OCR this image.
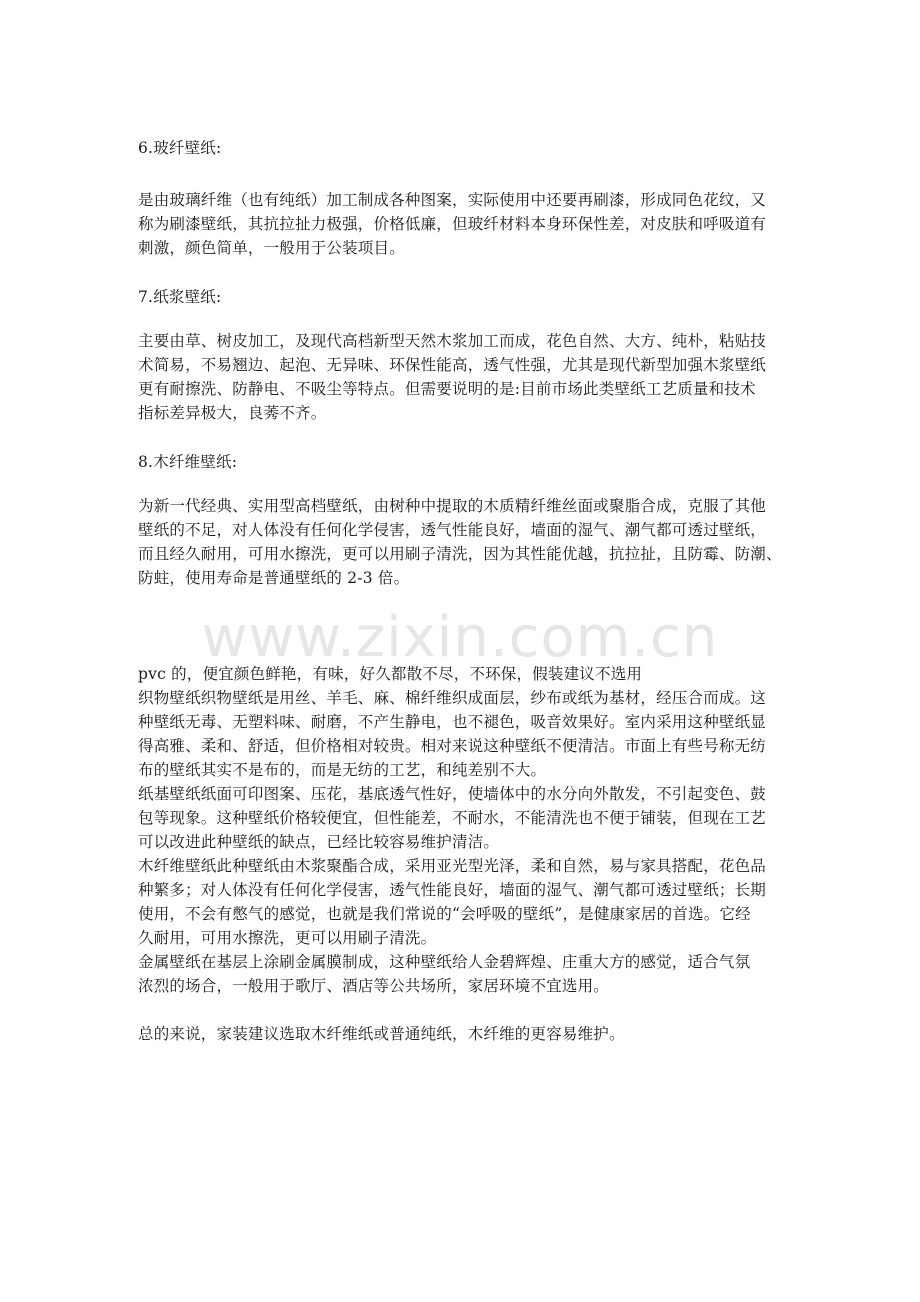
www.zixin.com.cn
6.玻纤壁纸:
是由玻璃纤维（也有纯纸）加工制成各种图案，实际使用中还要再刷漆，形成同色花纹，又
称为刷漆壁纸，其抗拉扯力极强，价格低廉，但玻纤材料本身环保性差，对皮肤和呼吸道有
刺激，颜色简单，一般用于公装项目。
7.纸浆壁纸:
主要由草、树皮加工，及现代高档新型天然木浆加工而成，花色自然、大方、纯朴，粘贴技
术简易，不易翘边、起泡、无异味、环保性能高，透气性强，尤其是现代新型加强木浆壁纸
更有耐擦洗、防静电、不吸尘等特点。但需要说明的是:目前市场此类壁纸工艺质量和技术
指标差异极大，良莠不齐。
8.木纤维壁纸:
为新一代经典、实用型高档壁纸，由树种中提取的木质精纤维丝面或聚脂合成，克服了其他
壁纸的不足，对人体没有任何化学侵害，透气性能良好，墙面的湿气、潮气都可透过壁纸，
而且经久耐用，可用水擦洗，更可以用刷子清洗，因为其性能优越，抗拉扯，且防霉、防潮、
防蛀，使用寿命是普通壁纸的 2-3 倍。
pvc 的，便宜颜色鲜艳，有味，好久都散不尽，不环保，假装建议不选用
织物壁纸织物壁纸是用丝、羊毛、麻、棉纤维织成面层，纱布或纸为基材，经压合而成。这
种壁纸无毒、无塑料味、耐磨，不产生静电，也不褪色，吸音效果好。室内采用这种壁纸显
得高雅、柔和、舒适，但价格相对较贵。相对来说这种壁纸不便清洁。市面上有些号称无纺
布的壁纸其实不是布的，而是无纺的工艺，和纯差别不大。
纸基壁纸纸面可印图案、压花，基底透气性好，使墙体中的水分向外散发，不引起变色、鼓
包等现象。这种壁纸价格较便宜，但性能差，不耐水，不能清洗也不便于铺装，但现在工艺
可以改进此种壁纸的缺点，已经比较容易维护清洁。
木纤维壁纸此种壁纸由木浆聚酯合成，采用亚光型光泽，柔和自然，易与家具搭配，花色品
种繁多；对人体没有任何化学侵害，透气性能良好，墙面的湿气、潮气都可透过壁纸；长期
使用，不会有憋气的感觉，也就是我们常说的“会呼吸的壁纸”，是健康家居的首选。它经
久耐用，可用水擦洗，更可以用刷子清洗。
金属壁纸在基层上涂刷金属膜制成，这种壁纸给人金碧辉煌、庄重大方的感觉，适合气氛
浓烈的场合，一般用于歌厅、酒店等公共场所，家居环境不宜选用。
总的来说，家装建议选取木纤维纸或普通纯纸，木纤维的更容易维护。
